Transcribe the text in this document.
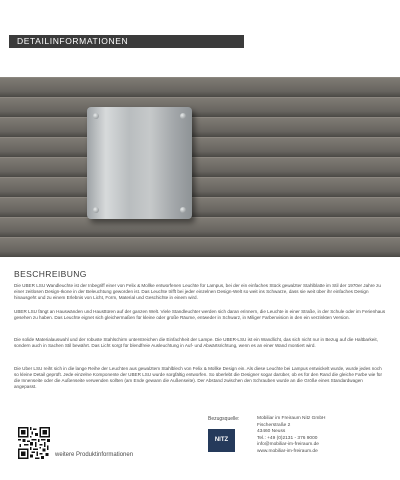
DETAILINFORMATIONEN
BESCHREIBUNG

Die UBER LSU Wandleuchte ist der Inbegriff einer von Felix & Mollke entworfenen Leuchte für Lampus, bei der ein einfaches Stück gewalzter Stahlblatte im Stil der 1970er Jahre zu einer zeitlosen Design-Ikone in der Beleuchtung geworden ist. Das Leuchte trifft bei jeder einzelnen Design-Welt so weit ins Schwarze, dass sie weit über ihr einfaches Design hinausgeht und zu einem Erlebnis von Licht, Form, Material und Geschichte in einem wird.

UBER LSU fängt an Hauswänden und Hausttüren auf der ganzen Welt. Viele Standleuchter werden sich daran erinnern, die Leuchte in einer Straße, in der Schule oder im Ferienhaus gesehen zu haben. Das Leuchte eignet sich gleichermaßen für kleine oder große Räume, entweder in Schwarz, in Miliger Farbenvision in den ein verzinkten Version.

Die solide Materialauswahl und der robuste Stahlschirm unterstreichen die Einfachheit der Lampe. Die UBER-LSU ist ein Wandlicht, das sich nicht nur in Bezug auf die Haltbarkeit, sondern auch in Sachen Stil bewährt. Das Licht sorgt für blendfreie Ausleuchtung in Auf- und Abwärtsrichtung, wenn es an einer Wand montiert wird.

Die Uber LSU reiht sich in die lange Reihe der Leuchten aus gewalztem Stahlblech von Felix & Mollke Design ein. Als diese Leuchte bei Lampus entwickelt wurde, wurde jedes noch so kleine Detail geprüft. Jede einzelne Komponente der UBER LSU wurde sorgfältig entworfen. So überlebt die Designer sogar darüber, ob es für den Rand die gleiche Farbe wie für die Innenseite oder die Außenseite verwenden sollten (am Ende gewann die Außenseite). Der Abstand zwischen den Schrauben wurde an die Größe eines Standardwagen angepasst.

weitere Produktinformationen
Bezugsquelle:
NITZ
Mobiliar im Freiraum Nitz GmbH
Fischerstraße 2
43460 Neuss
Tel.: +49 (0)2131 - 376 9000
info@mobiliar-im-freiraum.de
www.mobiliar-im-freiraum.de
